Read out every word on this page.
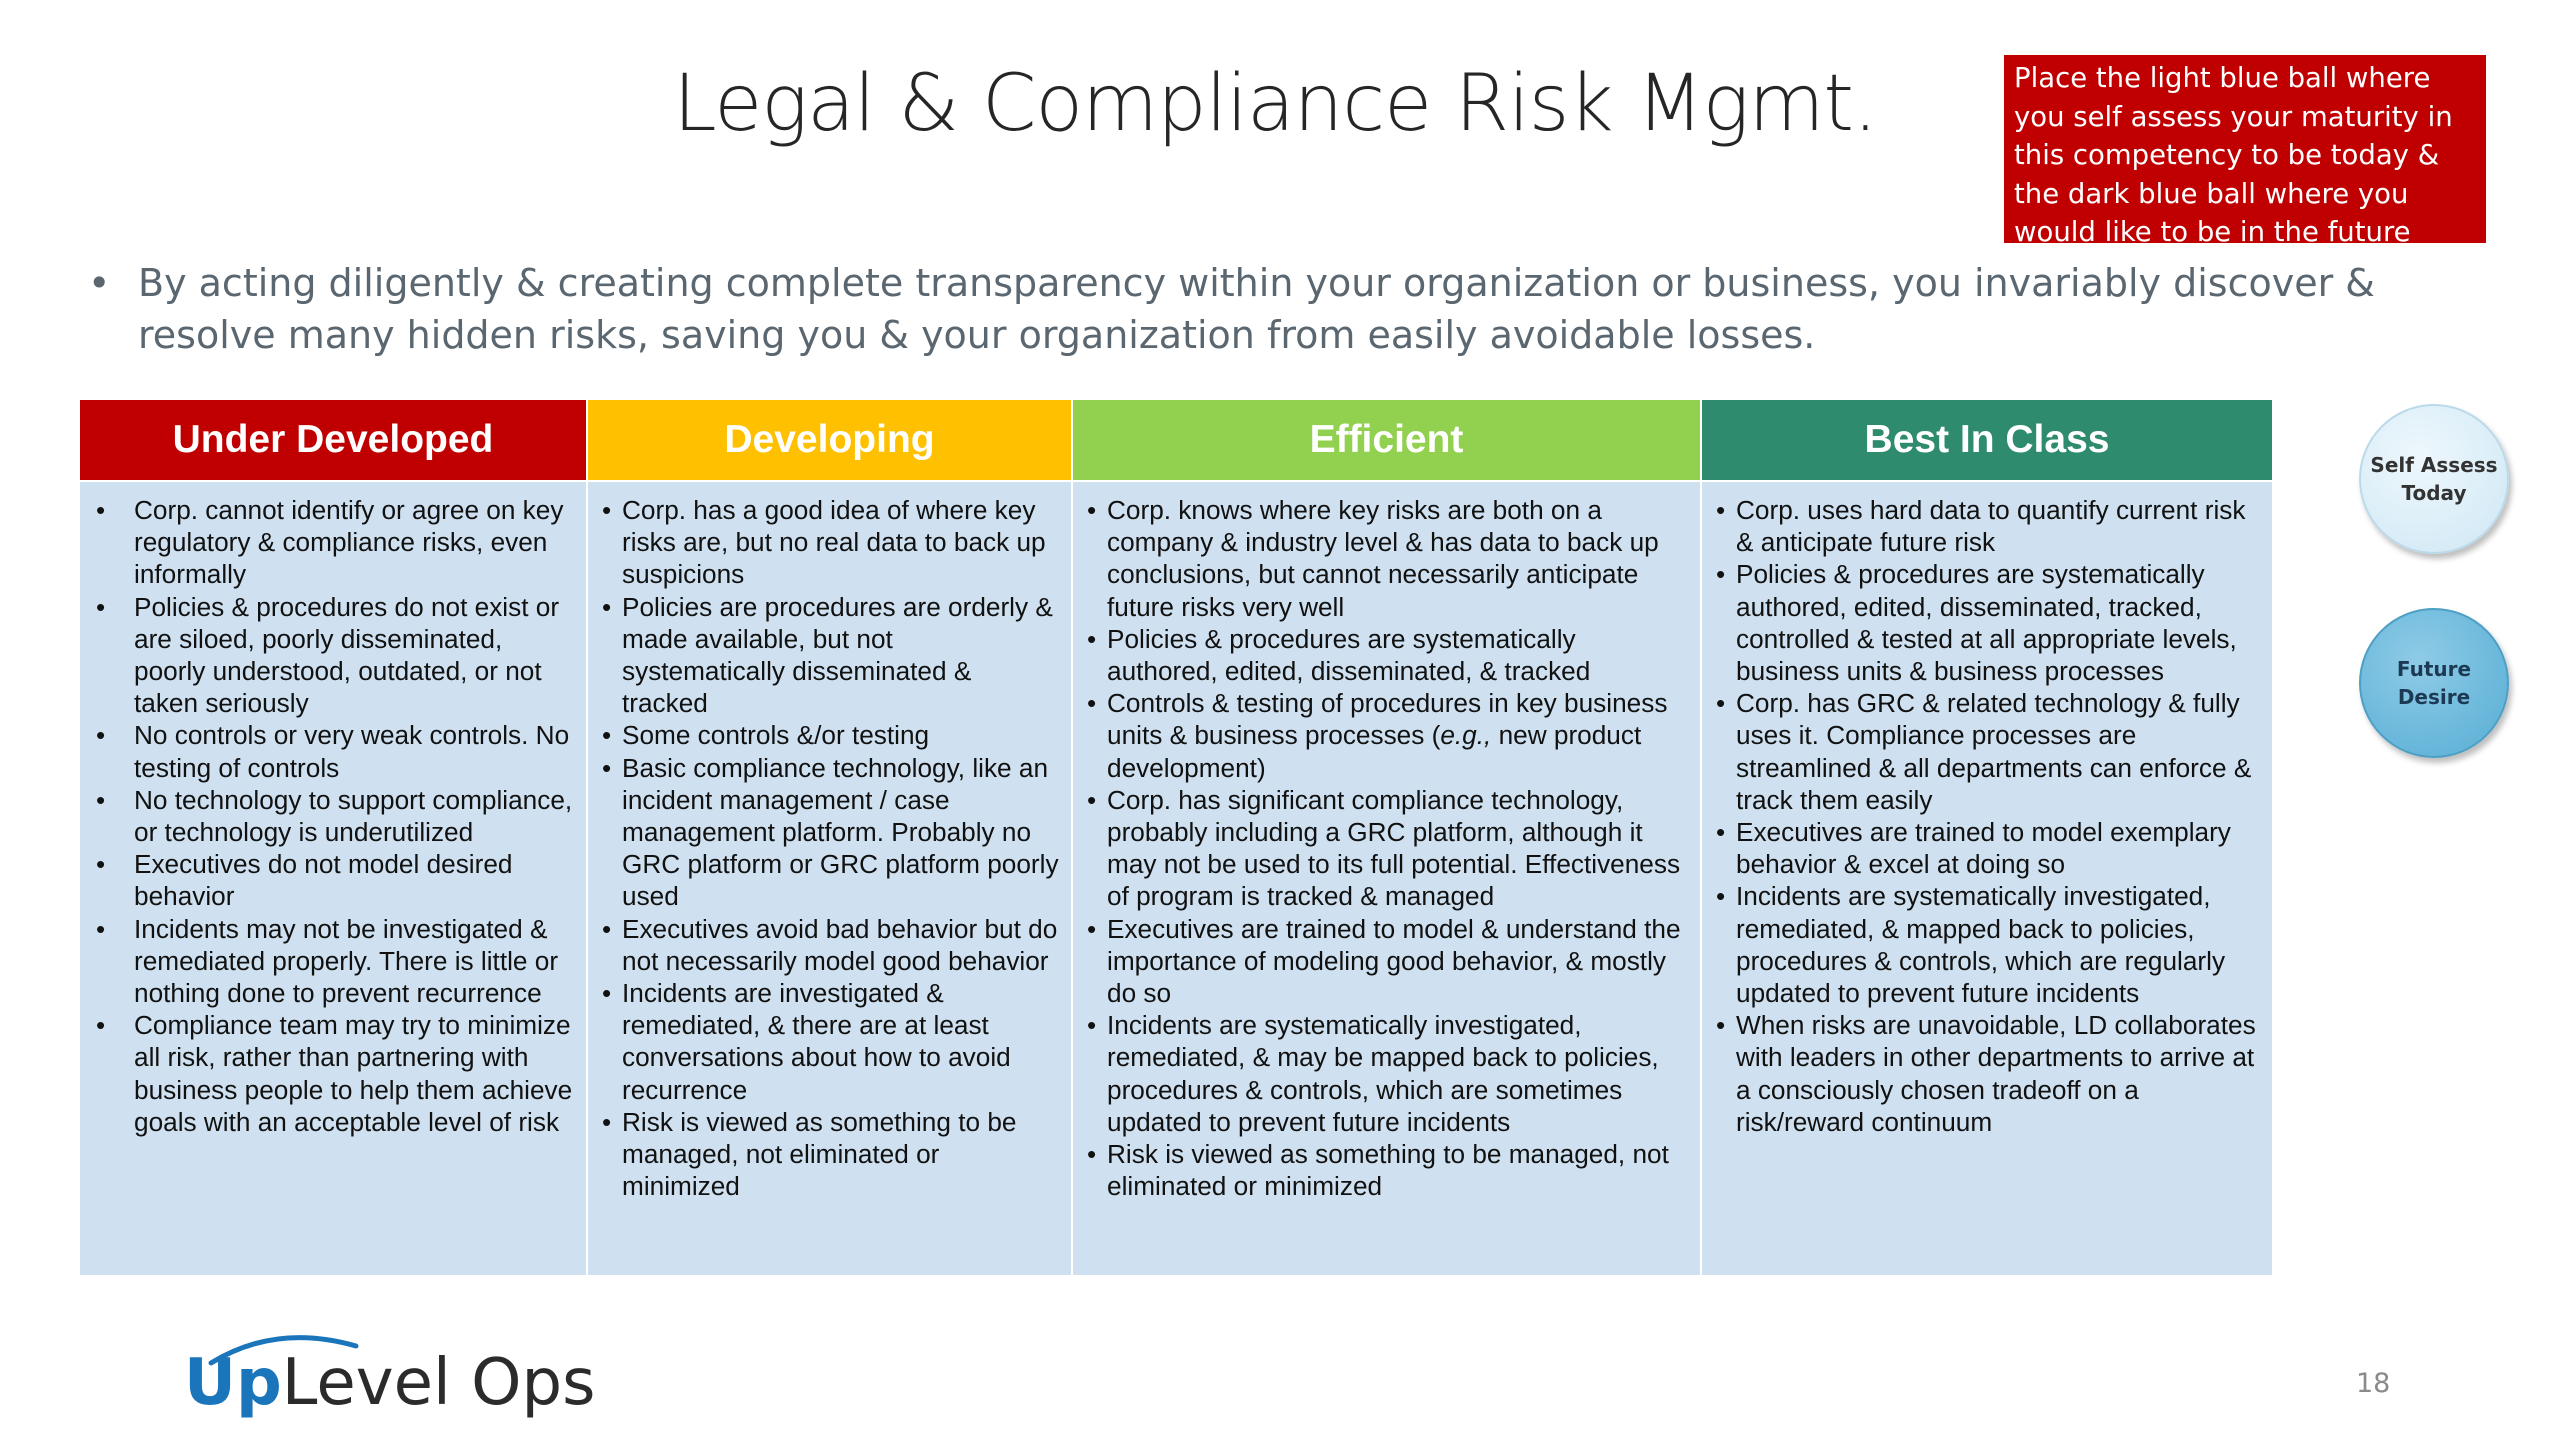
Legal & Compliance Risk Mgmt.	Place the light blue ball where you self assess your maturity in this competency to be today & the dark blue ball where you would like to be in the future
• By acting diligently & creating complete transparency within your organization or business, you invariably discover & resolve many hidden risks, saving you & your organization from easily avoidable losses.
Under Developed
• Corp. cannot identify or agree on key regulatory & compliance risks, even informally
• Policies & procedures do not exist or are siloed, poorly disseminated, poorly understood, outdated, or not taken seriously
• No controls or very weak controls. No testing of controls
• No technology to support compliance, or technology is underutilized
• Executives do not model desired behavior
• Incidents may not be investigated & remediated properly. There is little or nothing done to prevent recurrence
• Compliance team may try to minimize all risk, rather than partnering with business people to help them achieve goals with an acceptable level of risk
Developing
• Corp. has a good idea of where key risks are, but no real data to back up suspicions
• Policies are procedures are orderly & made available, but not systematically disseminated & tracked
• Some controls &/or testing
• Basic compliance technology, like an incident management / case management platform. Probably no GRC platform or GRC platform poorly used
• Executives avoid bad behavior but do not necessarily model good behavior
• Incidents are investigated & remediated, & there are at least conversations about how to avoid recurrence
• Risk is viewed as something to be managed, not eliminated or minimized
Efficient
• Corp. knows where key risks are both on a company & industry level & has data to back up conclusions, but cannot necessarily anticipate future risks very well
• Policies & procedures are systematically authored, edited, disseminated, & tracked
• Controls & testing of procedures in key business units & business processes (e.g., new product development)
• Corp. has significant compliance technology, probably including a GRC platform, although it may not be used to its full potential. Effectiveness of program is tracked & managed
• Executives are trained to model & understand the importance of modeling good behavior, & mostly do so
• Incidents are systematically investigated, remediated, & may be mapped back to policies, procedures & controls, which are sometimes updated to prevent future incidents
• Risk is viewed as something to be managed, not eliminated or minimized
Best In Class
• Corp. uses hard data to quantify current risk & anticipate future risk
• Policies & procedures are systematically authored, edited, disseminated, tracked, controlled & tested at all appropriate levels, business units & business processes
• Corp. has GRC & related technology & fully uses it. Compliance processes are streamlined & all departments can enforce & track them easily
• Executives are trained to model exemplary behavior & excel at doing so
• Incidents are systematically investigated, remediated, & mapped back to policies, procedures & controls, which are regularly updated to prevent future incidents
• When risks are unavoidable, LD collaborates with leaders in other departments to arrive at a consciously chosen tradeoff on a risk/reward continuum
Self Assess
Today
Future
Desire
UpLevel Ops	18
